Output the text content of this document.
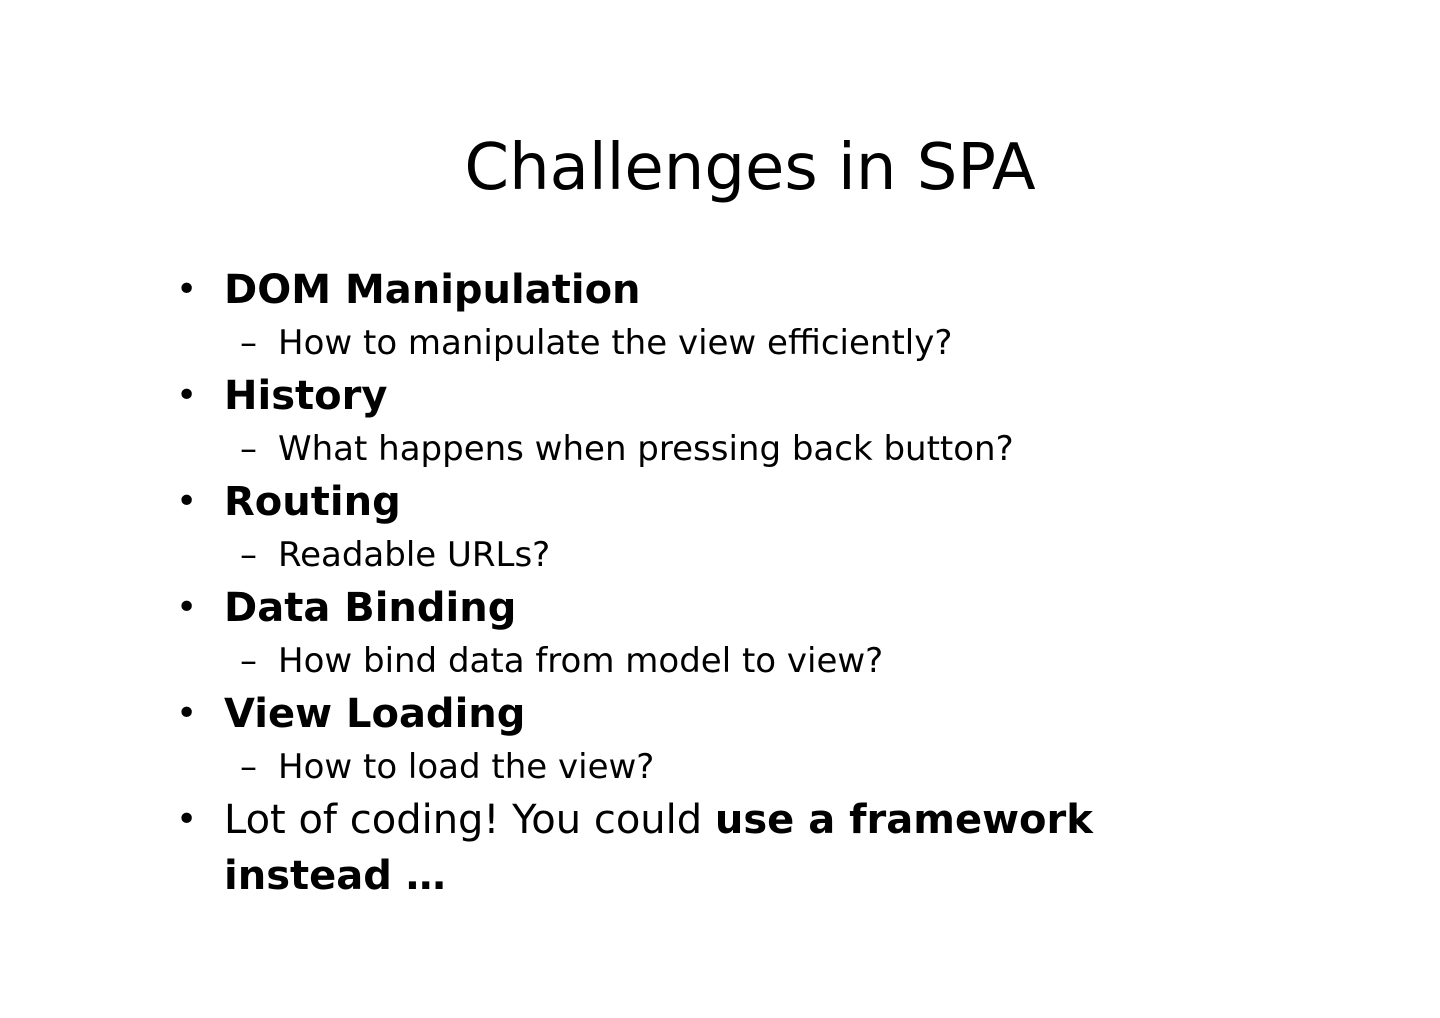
Challenges in SPA
• DOM Manipulation
– How to manipulate the view efficiently?
• History
– What happens when pressing back button?
• Routing
– Readable URLs?
• Data Binding
– How bind data from model to view?
• View Loading
– How to load the view?
• Lot of coding! You could use a framework instead …
